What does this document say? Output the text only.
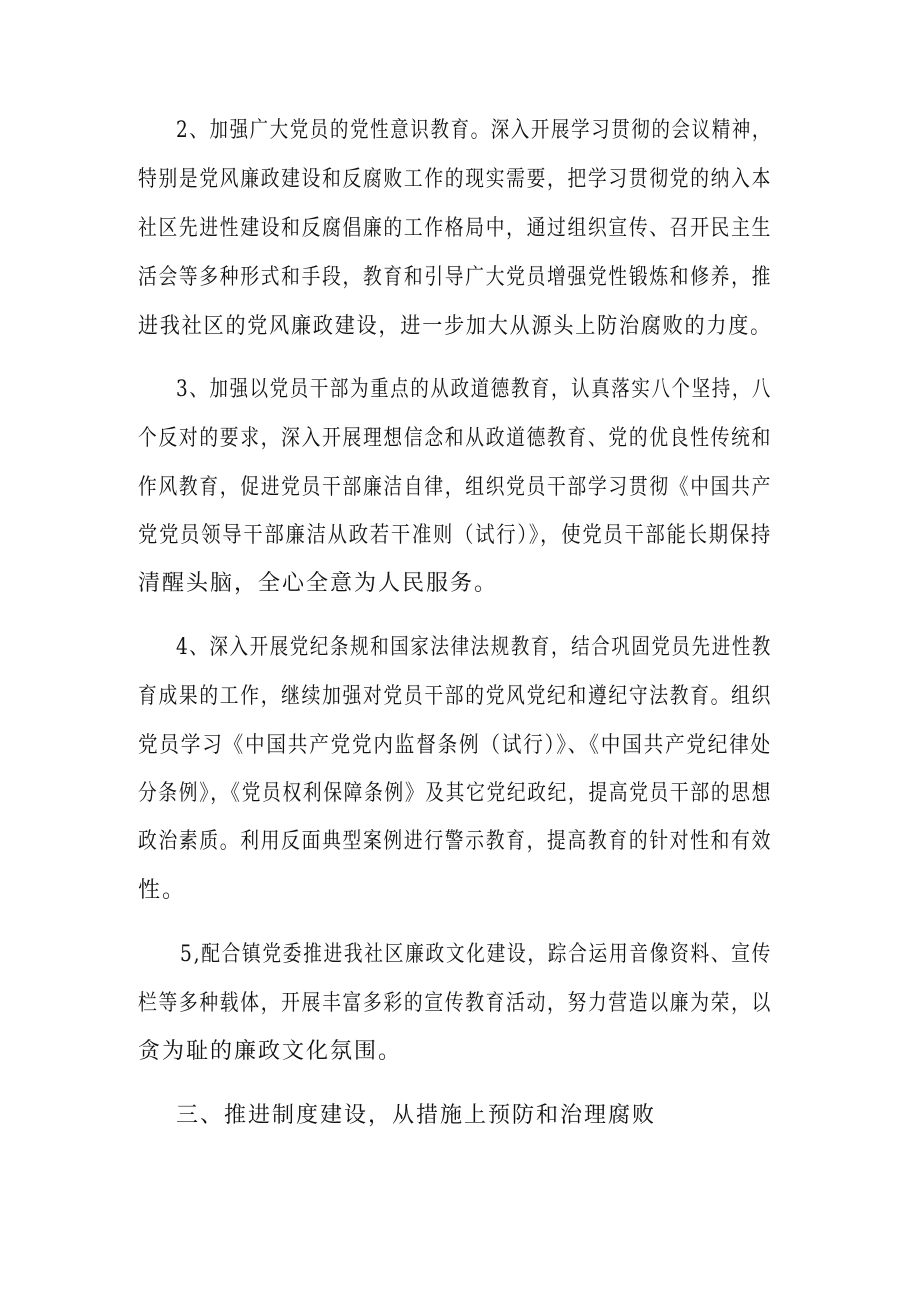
2、加强广大党员的党性意识教育。深入开展学习贯彻的会议精神，
特别是党风廉政建设和反腐败工作的现实需要，把学习贯彻党的纳入本
社区先进性建设和反腐倡廉的工作格局中，通过组织宣传、召开民主生
活会等多种形式和手段，教育和引导广大党员增强党性锻炼和修养，推
进我社区的党风廉政建设，进一步加大从源头上防治腐败的力度。
3、加强以党员干部为重点的从政道德教育，认真落实八个坚持，八
个反对的要求，深入开展理想信念和从政道德教育、党的优良性传统和
作风教育，促进党员干部廉洁自律，组织党员干部学习贯彻《中国共产
党党员领导干部廉洁从政若干准则（试行）》，使党员干部能长期保持
清醒头脑，全心全意为人民服务。
4、深入开展党纪条规和国家法律法规教育，结合巩固党员先进性教
育成果的工作，继续加强对党员干部的党风党纪和遵纪守法教育。组织
党员学习《中国共产党党内监督条例（试行）》、《中国共产党纪律处
分条例》，《党员权利保障条例》及其它党纪政纪，提高党员干部的思想
政治素质。利用反面典型案例进行警示教育，提高教育的针对性和有效
性。
5,配合镇党委推进我社区廉政文化建设，踪合运用音像资料、宣传
栏等多种载体，开展丰富多彩的宣传教育活动，努力营造以廉为荣，以
贪为耻的廉政文化氛围。
三、推进制度建设，从措施上预防和治理腐败
